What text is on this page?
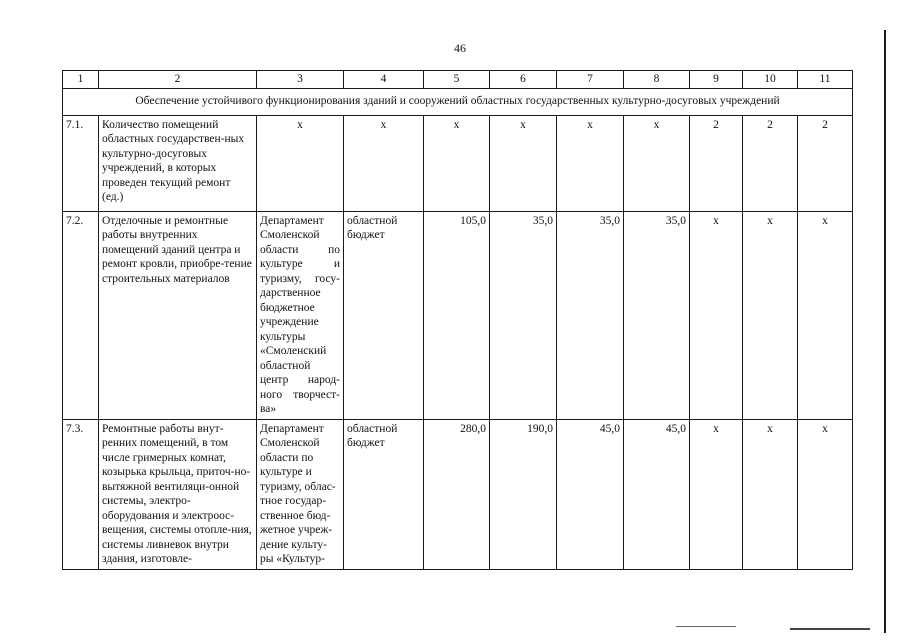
46
1	2	3	4	5	6	7	8	9	10	11
Обеспечение устойчивого функционирования зданий и сооружений областных государственных культурно-досуговых учреждений										
7.1.	Количество помещений областных государствен-ных культурно-досуговых учреждений, в которых проведен текущий ремонт (ед.)	х	х	х	х	х	х	2	2	2
7.2.	Отделочные и ремонтные работы внутренних помещений зданий центра и ремонт кровли, приобре-тение строительных материалов	Департамент Смоленской области по культуре и туризму, госу-дарственное бюджетное учреждение культуры «Смоленский областной центр народ-ного творчест-ва»	областной бюджет	105,0	35,0	35,0	35,0	х	х	х
7.3.	Ремонтные работы внут-ренних помещений, в том числе гримерных комнат, козырька крыльца, приточ-но-вытяжной вентиляци-онной системы, электро-оборудования и электроос-вещения, системы отопле-ния, системы ливневок внутри здания, изготовле-	Департамент Смоленской области по культуре и туризму, облас-тное государ-ственное бюд-жетное учреж-дение культу-ры «Культур-	областной бюджет	280,0	190,0	45,0	45,0	х	х	х
